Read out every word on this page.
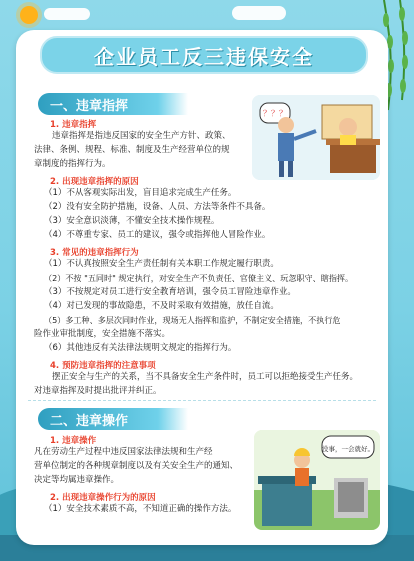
企业员工反三违保安全
一、违章指挥
1. 违章指挥
违章指挥是指违反国家的安全生产方针、政策、
法律、条例、规程、标准、制度及生产经营单位的规
章制度的指挥行为。
2. 出现违章指挥的原因
（1）不从客观实际出发，盲目追求完成生产任务。
（2）没有安全防护措施，设备、人员、方法等条件不具备。
（3）安全意识淡薄，不懂安全技术操作规程。
（4）不尊重专家、员工的建议，强令或指挥他人冒险作业。
3. 常见的违章指挥行为
（1）不认真按照安全生产责任制有关本职工作规定履行职责。
（2）不按 "五同时" 规定执行，对安全生产不负责任、官僚主义、玩忽职守、瞎指挥。
（3）不按规定对员工进行安全教育培训，强令员工冒险违章作业。
（4）对已发现的事故隐患，不及时采取有效措施，放任自流。
（5）多工种、多层次同时作业，现场无人指挥和监护，不制定安全措施，不执行危
险作业审批制度，安全措施不落实。
（6）其他违反有关法律法规明文规定的指挥行为。
4. 预防违章指挥的注意事项
摆正安全与生产的关系，当不具备安全生产条件时，员工可以拒绝接受生产任务。
对违章指挥及时提出批评并纠正。
？？？
二、违章操作
1. 违章操作
凡在劳动生产过程中违反国家法律法规和生产经
营单位制定的各种规章制度以及有关安全生产的通知、
决定等均属违章操作。
2. 出现违章操作行为的原因
（1）安全技术素质不高，不知道正确的操作方法。
没事，一会就好。
